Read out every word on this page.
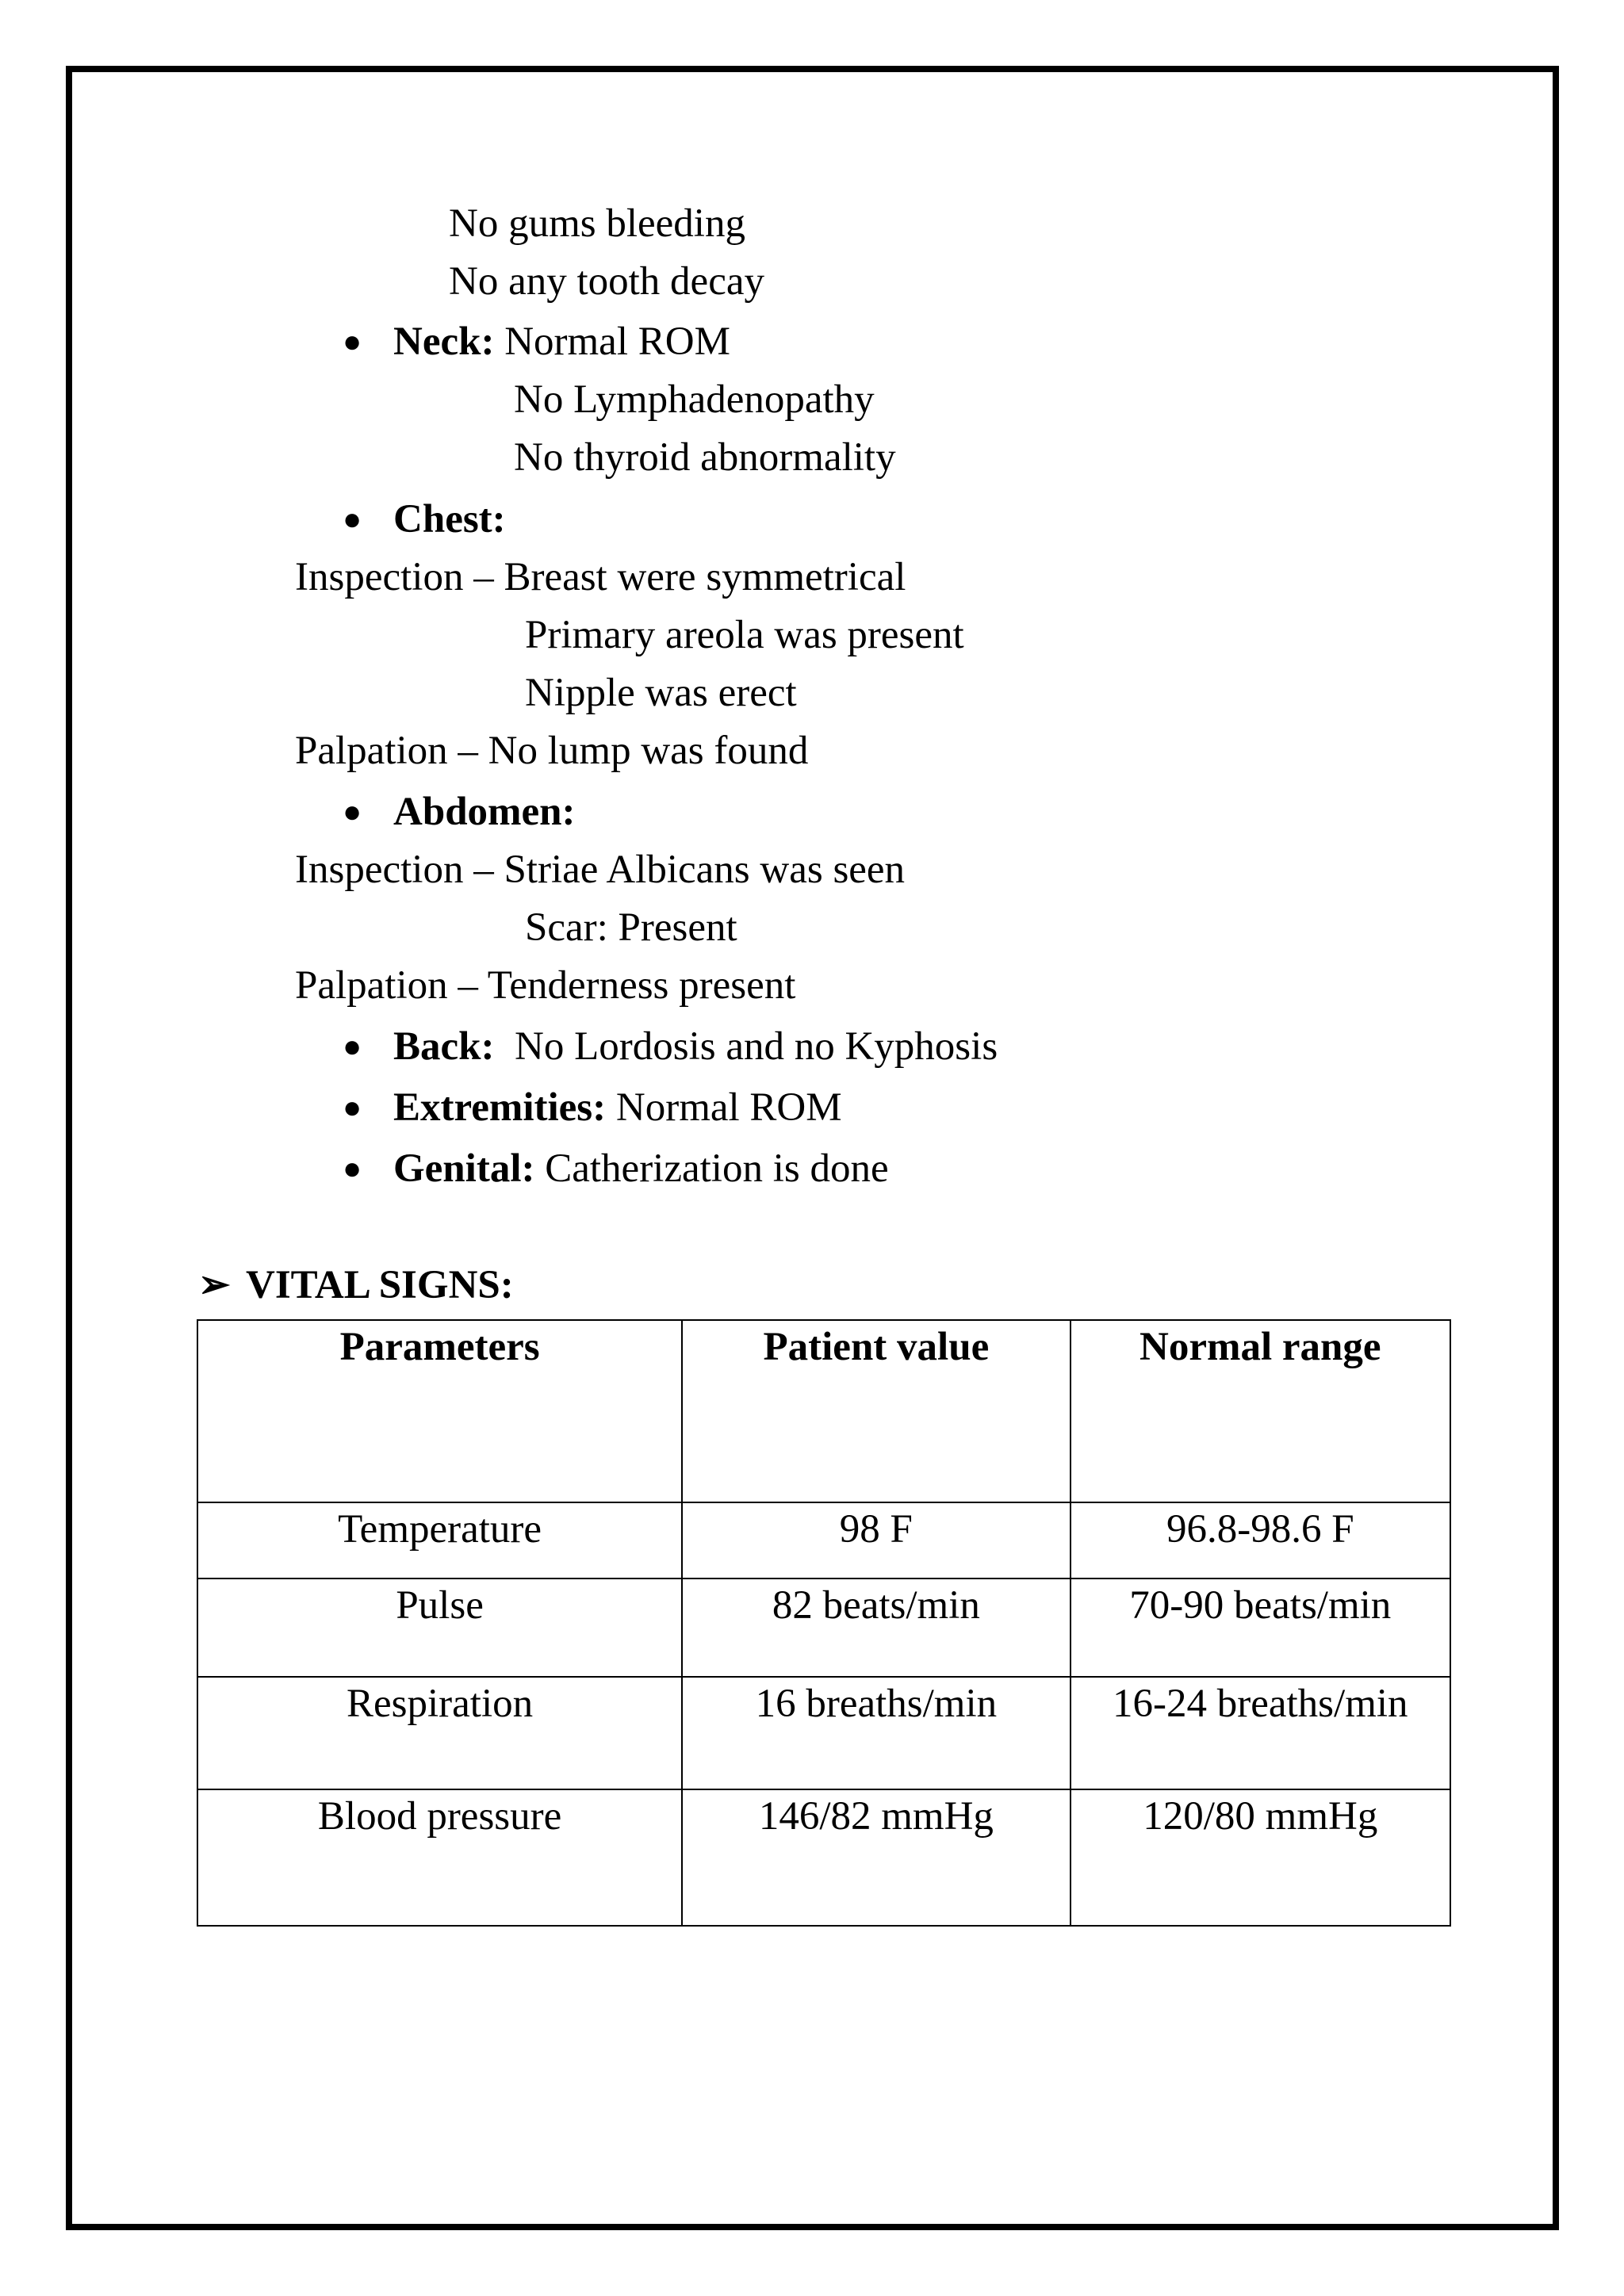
No gums bleeding
No any tooth decay
● Neck: Normal ROM
No Lymphadenopathy
No thyroid abnormality
● Chest:
Inspection – Breast were symmetrical
Primary areola was present
Nipple was erect
Palpation – No lump was found
● Abdomen:
Inspection – Striae Albicans was seen
Scar: Present
Palpation – Tenderness present
● Back:  No Lordosis and no Kyphosis
● Extremities: Normal ROM
● Genital: Catherization is done
➢ VITAL SIGNS:
Parameters	Patient value	Normal range
Temperature	98 F	96.8-98.6 F
Pulse	82 beats/min	70-90 beats/min
Respiration	16 breaths/min	16-24 breaths/min
Blood pressure	146/82 mmHg	120/80 mmHg
